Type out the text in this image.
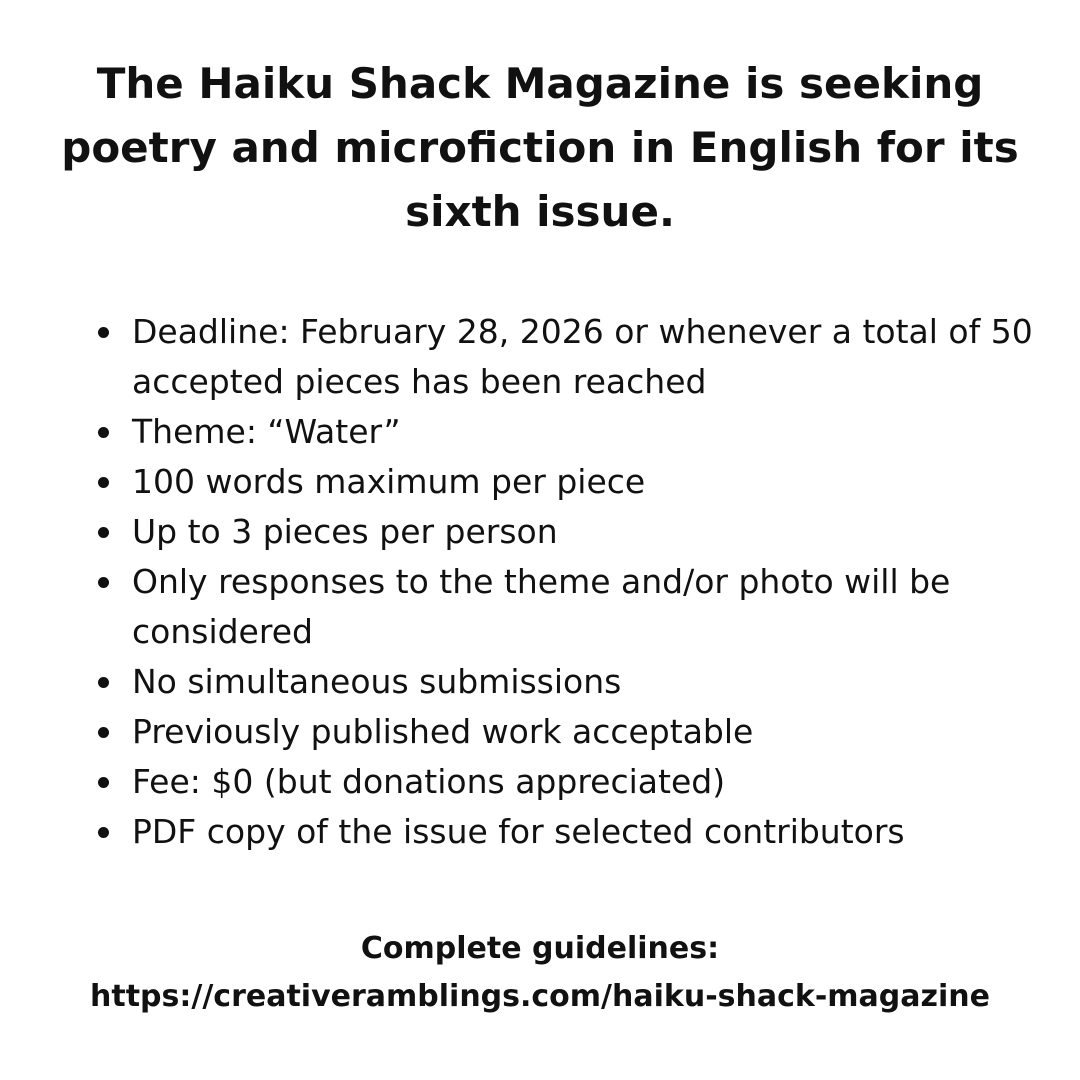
The Haiku Shack Magazine is seeking poetry and microfiction in English for its sixth issue.
Deadline: February 28, 2026 or whenever a total of 50 accepted pieces has been reached
Theme: “Water”
100 words maximum per piece
Up to 3 pieces per person
Only responses to the theme and/or photo will be considered
No simultaneous submissions
Previously published work acceptable
Fee: $0 (but donations appreciated)
PDF copy of the issue for selected contributors

Complete guidelines:
https://creativeramblings.com/haiku-shack-magazine
